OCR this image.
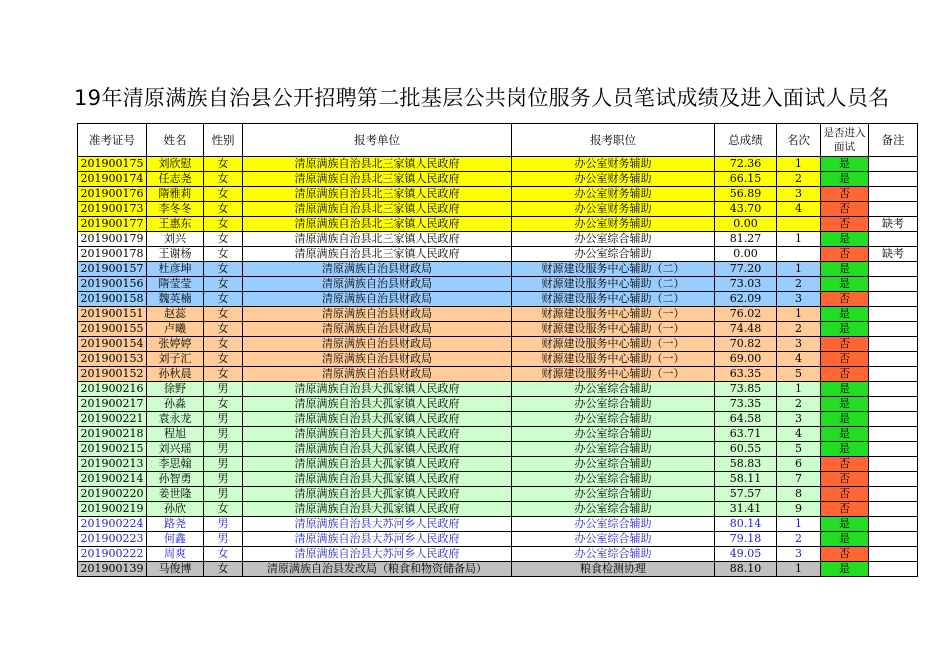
19年清原满族自治县公开招聘第二批基层公共岗位服务人员笔试成绩及进入面试人员名
准考证号	姓名	性别	报考单位	报考职位	总成绩	名次	是否进入面试	备注
201900175	刘欣慰	女	清原满族自治县北三家镇人民政府	办公室财务辅助	72.36	1	是	
201900174	任志尧	女	清原满族自治县北三家镇人民政府	办公室财务辅助	66.15	2	是	
201900176	隋雅莉	女	清原满族自治县北三家镇人民政府	办公室财务辅助	56.89	3	否	
201900173	李冬冬	女	清原满族自治县北三家镇人民政府	办公室财务辅助	43.70	4	否	
201900177	王惠东	女	清原满族自治县北三家镇人民政府	办公室财务辅助	0.00		否	缺考
201900179	刘兴	女	清原满族自治县北三家镇人民政府	办公室综合辅助	81.27	1	是	
201900178	王谢杨	女	清原满族自治县北三家镇人民政府	办公室综合辅助	0.00		否	缺考
201900157	杜彦坤	女	清原满族自治县财政局	财源建设服务中心辅助（二）	77.20	1	是	
201900156	隋莹莹	女	清原满族自治县财政局	财源建设服务中心辅助（二）	73.03	2	是	
201900158	魏英楠	女	清原满族自治县财政局	财源建设服务中心辅助（二）	62.09	3	否	
201900151	赵蕊	女	清原满族自治县财政局	财源建设服务中心辅助（一）	76.02	1	是	
201900155	卢曦	女	清原满族自治县财政局	财源建设服务中心辅助（一）	74.48	2	是	
201900154	张婷婷	女	清原满族自治县财政局	财源建设服务中心辅助（一）	70.82	3	否	
201900153	刘子汇	女	清原满族自治县财政局	财源建设服务中心辅助（一）	69.00	4	否	
201900152	孙秋晨	女	清原满族自治县财政局	财源建设服务中心辅助（一）	63.35	5	否	
201900216	徐野	男	清原满族自治县大孤家镇人民政府	办公室综合辅助	73.85	1	是	
201900217	孙淼	女	清原满族自治县大孤家镇人民政府	办公室综合辅助	73.35	2	是	
201900221	袁永龙	男	清原满族自治县大孤家镇人民政府	办公室综合辅助	64.58	3	是	
201900218	程旭	男	清原满族自治县大孤家镇人民政府	办公室综合辅助	63.71	4	是	
201900215	刘兴瑶	男	清原满族自治县大孤家镇人民政府	办公室综合辅助	60.55	5	是	
201900213	李思翰	男	清原满族自治县大孤家镇人民政府	办公室综合辅助	58.83	6	否	
201900214	孙智勇	男	清原满族自治县大孤家镇人民政府	办公室综合辅助	58.11	7	否	
201900220	姜世隆	男	清原满族自治县大孤家镇人民政府	办公室综合辅助	57.57	8	否	
201900219	孙欣	女	清原满族自治县大孤家镇人民政府	办公室综合辅助	31.41	9	否	
201900224	路尧	男	清原满族自治县大苏河乡人民政府	办公室综合辅助	80.14	1	是	
201900223	何鑫	男	清原满族自治县大苏河乡人民政府	办公室综合辅助	79.18	2	是	
201900222	周爽	女	清原满族自治县大苏河乡人民政府	办公室综合辅助	49.05	3	否	
201900139	马俊博	女	清原满族自治县发改局（粮食和物资储备局）	粮食检测协理	88.10	1	是	
